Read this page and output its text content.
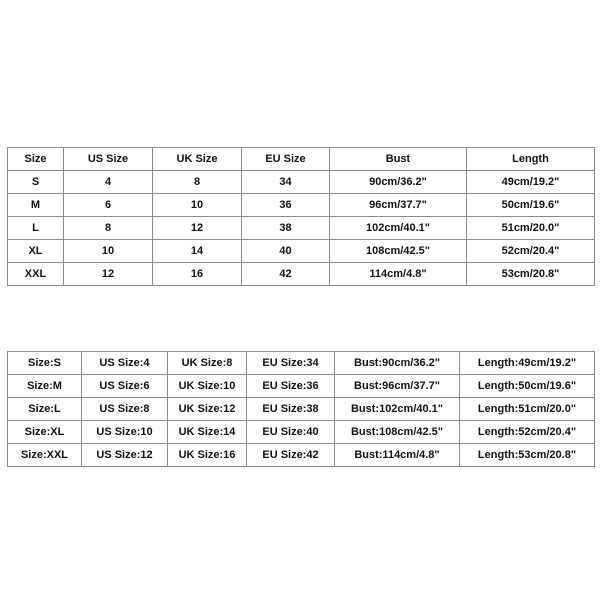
Size	US Size	UK Size	EU Size	Bust	Length
S	4	8	34	90cm/36.2"	49cm/19.2"
M	6	10	36	96cm/37.7"	50cm/19.6"
L	8	12	38	102cm/40.1"	51cm/20.0"
XL	10	14	40	108cm/42.5"	52cm/20.4"
XXL	12	16	42	114cm/4.8"	53cm/20.8"
Size:S	US Size:4	UK Size:8	EU Size:34	Bust:90cm/36.2"	Length:49cm/19.2"
Size:M	US Size:6	UK Size:10	EU Size:36	Bust:96cm/37.7"	Length:50cm/19.6"
Size:L	US Size:8	UK Size:12	EU Size:38	Bust:102cm/40.1"	Length:51cm/20.0"
Size:XL	US Size:10	UK Size:14	EU Size:40	Bust:108cm/42.5"	Length:52cm/20.4"
Size:XXL	US Size:12	UK Size:16	EU Size:42	Bust:114cm/4.8"	Length:53cm/20.8"
